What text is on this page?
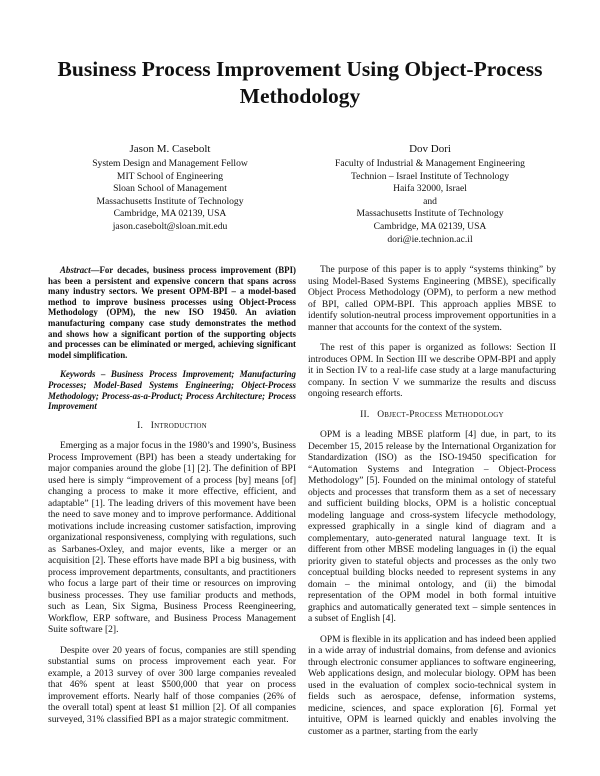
Business Process Improvement Using Object-Process Methodology
Jason M. Casebolt
System Design and Management Fellow
MIT School of Engineering
Sloan School of Management
Massachusetts Institute of Technology
Cambridge, MA 02139, USA
jason.casebolt@sloan.mit.edu
Dov Dori
Faculty of Industrial & Management Engineering
Technion – Israel Institute of Technology
Haifa 32000, Israel
and
Massachusetts Institute of Technology
Cambridge, MA 02139, USA
dori@ie.technion.ac.il

Abstract—For decades, business process improvement (BPI) has been a persistent and expensive concern that spans across many industry sectors. We present OPM-BPI – a model-based method to improve business processes using Object-Process Methodology (OPM), the new ISO 19450. An aviation manufacturing company case study demonstrates the method and shows how a significant portion of the supporting objects and processes can be eliminated or merged, achieving significant model simplification.

Keywords – Business Process Improvement; Manufacturing Processes; Model-Based Systems Engineering; Object-Process Methodology; Process-as-a-Product; Process Architecture; Process Improvement

I. Introduction

Emerging as a major focus in the 1980’s and 1990’s, Business Process Improvement (BPI) has been a steady undertaking for major companies around the globe [1] [2]. The definition of BPI used here is simply “improvement of a process [by] means [of] changing a process to make it more effective, efficient, and adaptable” [1]. The leading drivers of this movement have been the need to save money and to improve performance. Additional motivations include increasing customer satisfaction, improving organizational responsiveness, complying with regulations, such as Sarbanes-Oxley, and major events, like a merger or an acquisition [2]. These efforts have made BPI a big business, with process improvement departments, consultants, and practitioners who focus a large part of their time or resources on improving business processes. They use familiar products and methods, such as Lean, Six Sigma, Business Process Reengineering, Workflow, ERP software, and Business Process Management Suite software [2].

Despite over 20 years of focus, companies are still spending substantial sums on process improvement each year. For example, a 2013 survey of over 300 large companies revealed that 46% spent at least $500,000 that year on process improvement efforts. Nearly half of those companies (26% of the overall total) spent at least $1 million [2]. Of all companies surveyed, 31% classified BPI as a major strategic commitment.

The purpose of this paper is to apply “systems thinking” by using Model-Based Systems Engineering (MBSE), specifically Object Process Methodology (OPM), to perform a new method of BPI, called OPM-BPI. This approach applies MBSE to identify solution-neutral process improvement opportunities in a manner that accounts for the context of the system.

The rest of this paper is organized as follows: Section II introduces OPM. In Section III we describe OPM-BPI and apply it in Section IV to a real-life case study at a large manufacturing company. In section V we summarize the results and discuss ongoing research efforts.

II. Object-Process Methodology

OPM is a leading MBSE platform [4] due, in part, to its December 15, 2015 release by the International Organization for Standardization (ISO) as the ISO-19450 specification for “Automation Systems and Integration – Object-Process Methodology” [5]. Founded on the minimal ontology of stateful objects and processes that transform them as a set of necessary and sufficient building blocks, OPM is a holistic conceptual modeling language and cross-system lifecycle methodology, expressed graphically in a single kind of diagram and a complementary, auto-generated natural language text. It is different from other MBSE modeling languages in (i) the equal priority given to stateful objects and processes as the only two conceptual building blocks needed to represent systems in any domain – the minimal ontology, and (ii) the bimodal representation of the OPM model in both formal intuitive graphics and automatically generated text – simple sentences in a subset of English [4].

OPM is flexible in its application and has indeed been applied in a wide array of industrial domains, from defense and avionics through electronic consumer appliances to software engineering, Web applications design, and molecular biology. OPM has been used in the evaluation of complex socio-technical system in fields such as aerospace, defense, information systems, medicine, sciences, and space exploration [6]. Formal yet intuitive, OPM is learned quickly and enables involving the customer as a partner, starting from the early
